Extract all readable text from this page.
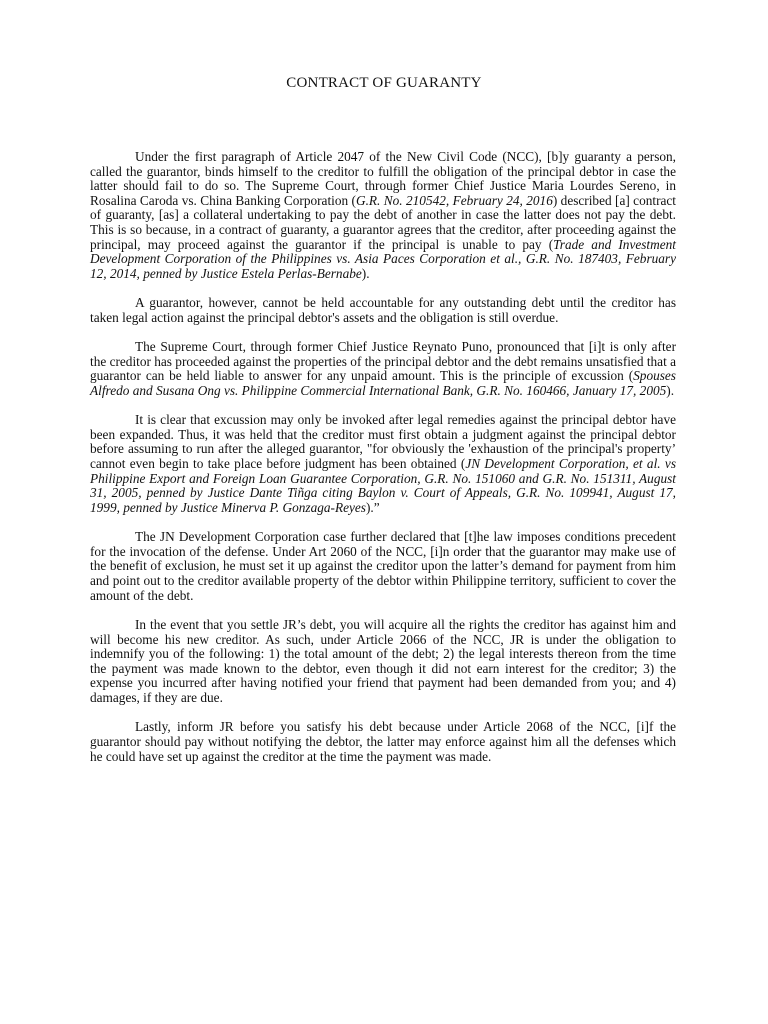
CONTRACT OF GUARANTY

Under the first paragraph of Article 2047 of the New Civil Code (NCC), [b]y guaranty a person, called the guarantor, binds himself to the creditor to fulfill the obligation of the principal debtor in case the latter should fail to do so. The Supreme Court, through former Chief Justice Maria Lourdes Sereno, in Rosalina Caroda vs. China Banking Corporation (G.R. No. 210542, February 24, 2016) described [a] contract of guaranty, [as] a collateral undertaking to pay the debt of another in case the latter does not pay the debt. This is so because, in a contract of guaranty, a guarantor agrees that the creditor, after proceeding against the principal, may proceed against the guarantor if the principal is unable to pay (Trade and Investment Development Corporation of the Philippines vs. Asia Paces Corporation et al., G.R. No. 187403, February 12, 2014, penned by Justice Estela Perlas-Bernabe).

A guarantor, however, cannot be held accountable for any outstanding debt until the creditor has taken legal action against the principal debtor's assets and the obligation is still overdue.

The Supreme Court, through former Chief Justice Reynato Puno, pronounced that [i]t is only after the creditor has proceeded against the properties of the principal debtor and the debt remains unsatisfied that a guarantor can be held liable to answer for any unpaid amount. This is the principle of excussion (Spouses Alfredo and Susana Ong vs. Philippine Commercial International Bank, G.R. No. 160466, January 17, 2005).

It is clear that excussion may only be invoked after legal remedies against the principal debtor have been expanded. Thus, it was held that the creditor must first obtain a judgment against the principal debtor before assuming to run after the alleged guarantor, "for obviously the 'exhaustion of the principal's property’ cannot even begin to take place before judgment has been obtained (JN Development Corporation, et al. vs Philippine Export and Foreign Loan Guarantee Corporation, G.R. No. 151060 and G.R. No. 151311, August 31, 2005, penned by Justice Dante Tiñga citing Baylon v. Court of Appeals, G.R. No. 109941, August 17, 1999, penned by Justice Minerva P. Gonzaga-Reyes).”

The JN Development Corporation case further declared that [t]he law imposes conditions precedent for the invocation of the defense. Under Art 2060 of the NCC, [i]n order that the guarantor may make use of the benefit of exclusion, he must set it up against the creditor upon the latter’s demand for payment from him and point out to the creditor available property of the debtor within Philippine territory, sufficient to cover the amount of the debt.

In the event that you settle JR’s debt, you will acquire all the rights the creditor has against him and will become his new creditor. As such, under Article 2066 of the NCC, JR is under the obligation to indemnify you of the following: 1) the total amount of the debt; 2) the legal interests thereon from the time the payment was made known to the debtor, even though it did not earn interest for the creditor; 3) the expense you incurred after having notified your friend that payment had been demanded from you; and 4) damages, if they are due.

Lastly, inform JR before you satisfy his debt because under Article 2068 of the NCC, [i]f the guarantor should pay without notifying the debtor, the latter may enforce against him all the defenses which he could have set up against the creditor at the time the payment was made.
